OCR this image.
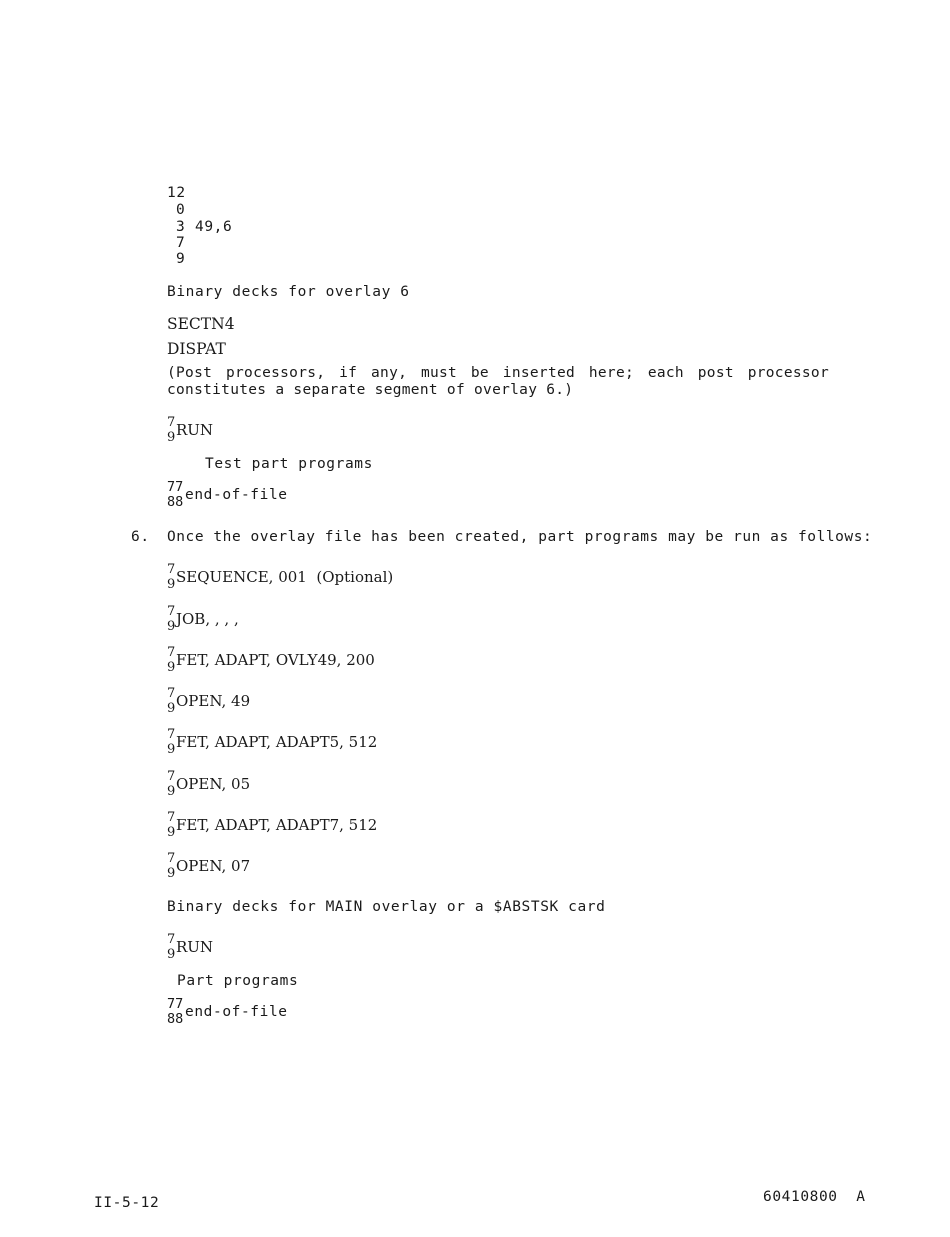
12
0
3 49,6
7
9
Binary decks for overlay 6
SECTN4
DISPAT
(Post processors, if any, must be inserted here; each post processor constitutes a separate segment of overlay 6.)
7
9 RUN
Test part programs
77
88 end-of-file
6. Once the overlay file has been created, part programs may be run as follows:
7
9 SEQUENCE, 001  (Optional)
7
9 JOB, , , ,
7
9 FET, ADAPT, OVLY49, 200
7
9 OPEN, 49
7
9 FET, ADAPT, ADAPT5, 512
7
9 OPEN, 05
7
9 FET, ADAPT, ADAPT7, 512
7
9 OPEN, 07
Binary decks for MAIN overlay or a $ABSTSK card
7
9 RUN
Part programs
77
88 end-of-file
II-5-12	60410800  A
